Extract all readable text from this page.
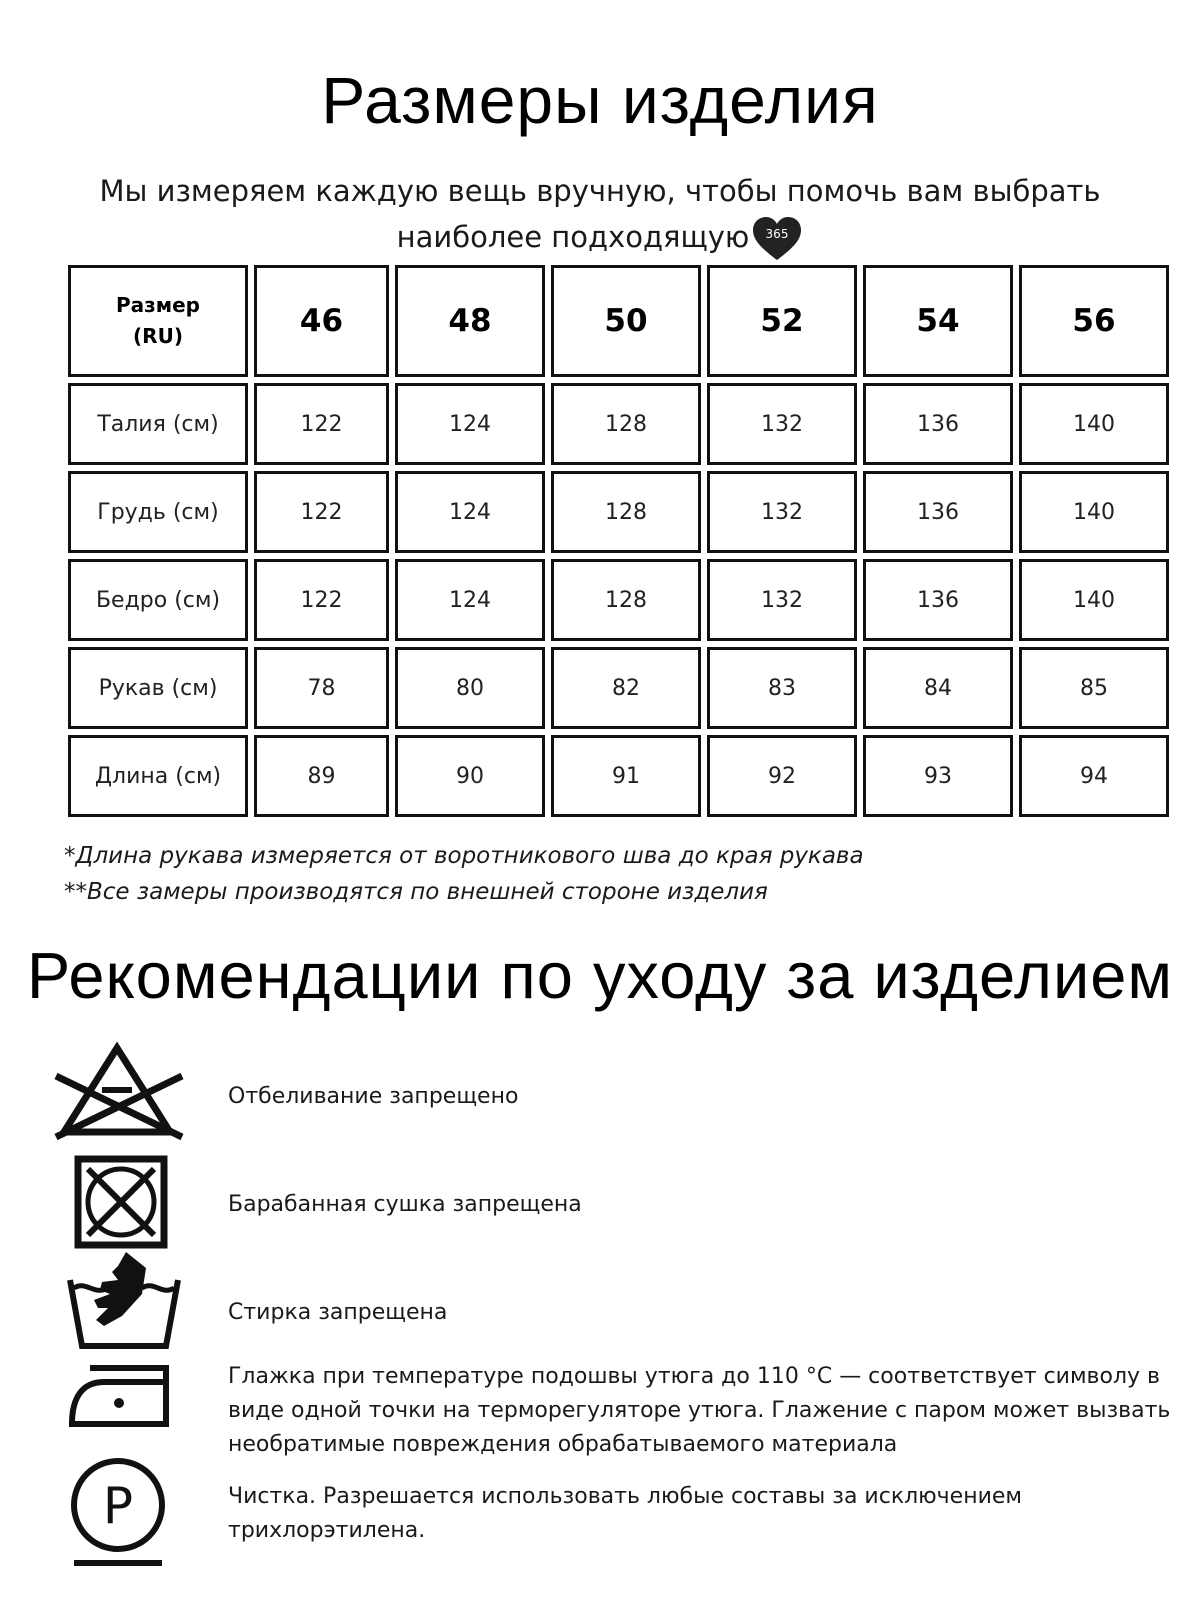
Размеры изделия
Мы измеряем каждую вещь вручную, чтобы помочь вам выбрать
наиболее подходящую 365
Размер
(RU)	46	48	50	52	54	56
Талия (см)	122	124	128	132	136	140
Грудь (см)	122	124	128	132	136	140
Бедро (см)	122	124	128	132	136	140
Рукав (см)	78	80	82	83	84	85
Длина (см)	89	90	91	92	93	94
*Длина рукава измеряется от воротникового шва до края рукава
**Все замеры производятся по внешней стороне изделия
Рекомендации по уходу за изделием
Отбеливание запрещено
Барабанная сушка запрещена
Стирка запрещена
Глажка при температуре подошвы утюга до 110 °С — соответствует символу в виде одной точки на терморегуляторе утюга. Глажение с паром может вызвать необратимые повреждения обрабатываемого материала
P	Чистка. Разрешается использовать любые составы за исключением трихлорэтилена.
